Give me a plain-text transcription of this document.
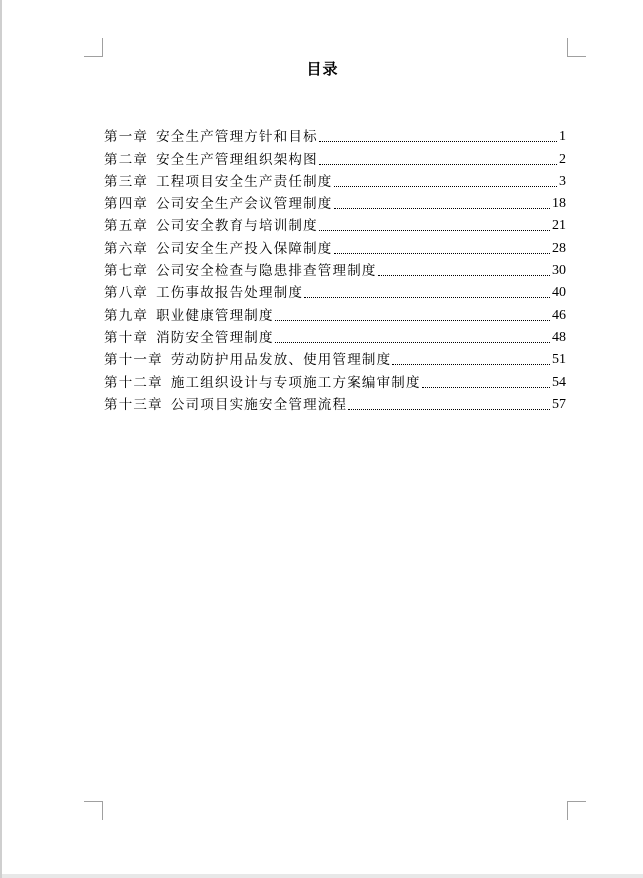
目录
第一章 安全生产管理方针和目标	1
第二章 安全生产管理组织架构图	2
第三章 工程项目安全生产责任制度	3
第四章 公司安全生产会议管理制度	18
第五章 公司安全教育与培训制度	21
第六章 公司安全生产投入保障制度	28
第七章 公司安全检查与隐患排查管理制度	30
第八章 工伤事故报告处理制度	40
第九章 职业健康管理制度	46
第十章 消防安全管理制度	48
第十一章 劳动防护用品发放、使用管理制度	51
第十二章 施工组织设计与专项施工方案编审制度	54
第十三章 公司项目实施安全管理流程	57
